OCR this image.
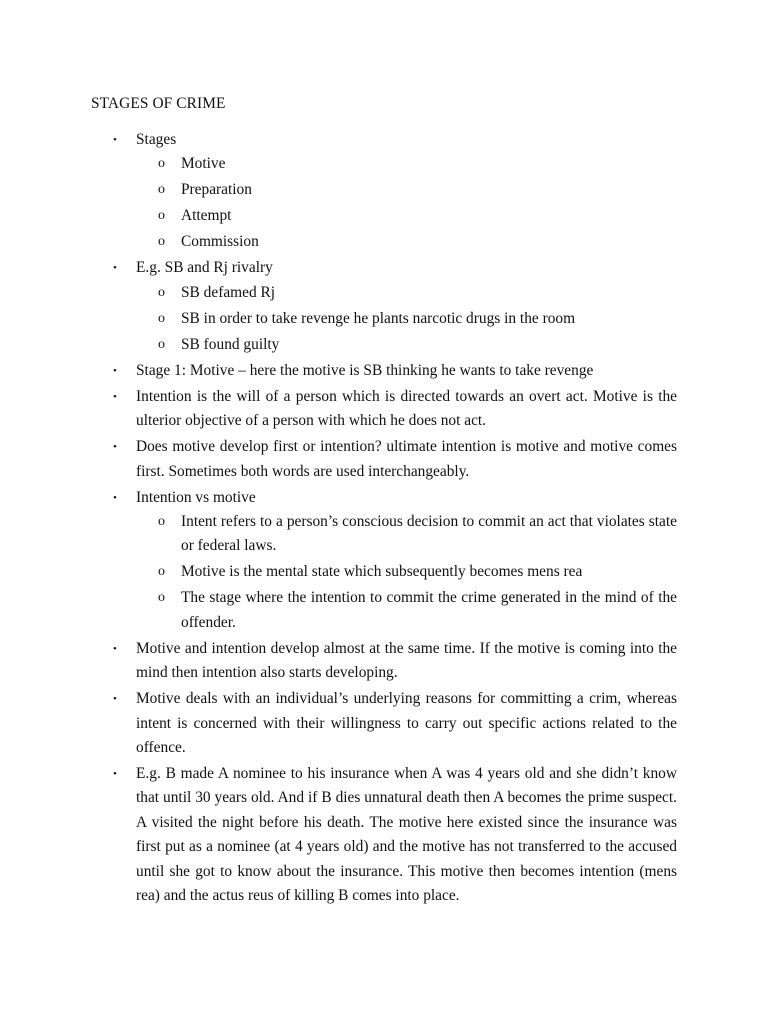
STAGES OF CRIME
• Stages
o Motive
o Preparation
o Attempt
o Commission
• E.g. SB and Rj rivalry
o SB defamed Rj
o SB in order to take revenge he plants narcotic drugs in the room
o SB found guilty
• Stage 1: Motive – here the motive is SB thinking he wants to take revenge
• Intention is the will of a person which is directed towards an overt act. Motive is the ulterior objective of a person with which he does not act.
• Does motive develop first or intention? ultimate intention is motive and motive comes first. Sometimes both words are used interchangeably.
• Intention vs motive
o Intent refers to a person’s conscious decision to commit an act that violates state or federal laws.
o Motive is the mental state which subsequently becomes mens rea
o The stage where the intention to commit the crime generated in the mind of the offender.
• Motive and intention develop almost at the same time. If the motive is coming into the mind then intention also starts developing.
• Motive deals with an individual’s underlying reasons for committing a crim, whereas intent is concerned with their willingness to carry out specific actions related to the offence.
• E.g. B made A nominee to his insurance when A was 4 years old and she didn’t know that until 30 years old. And if B dies unnatural death then A becomes the prime suspect. A visited the night before his death. The motive here existed since the insurance was first put as a nominee (at 4 years old) and the motive has not transferred to the accused until she got to know about the insurance. This motive then becomes intention (mens rea) and the actus reus of killing B comes into place.
